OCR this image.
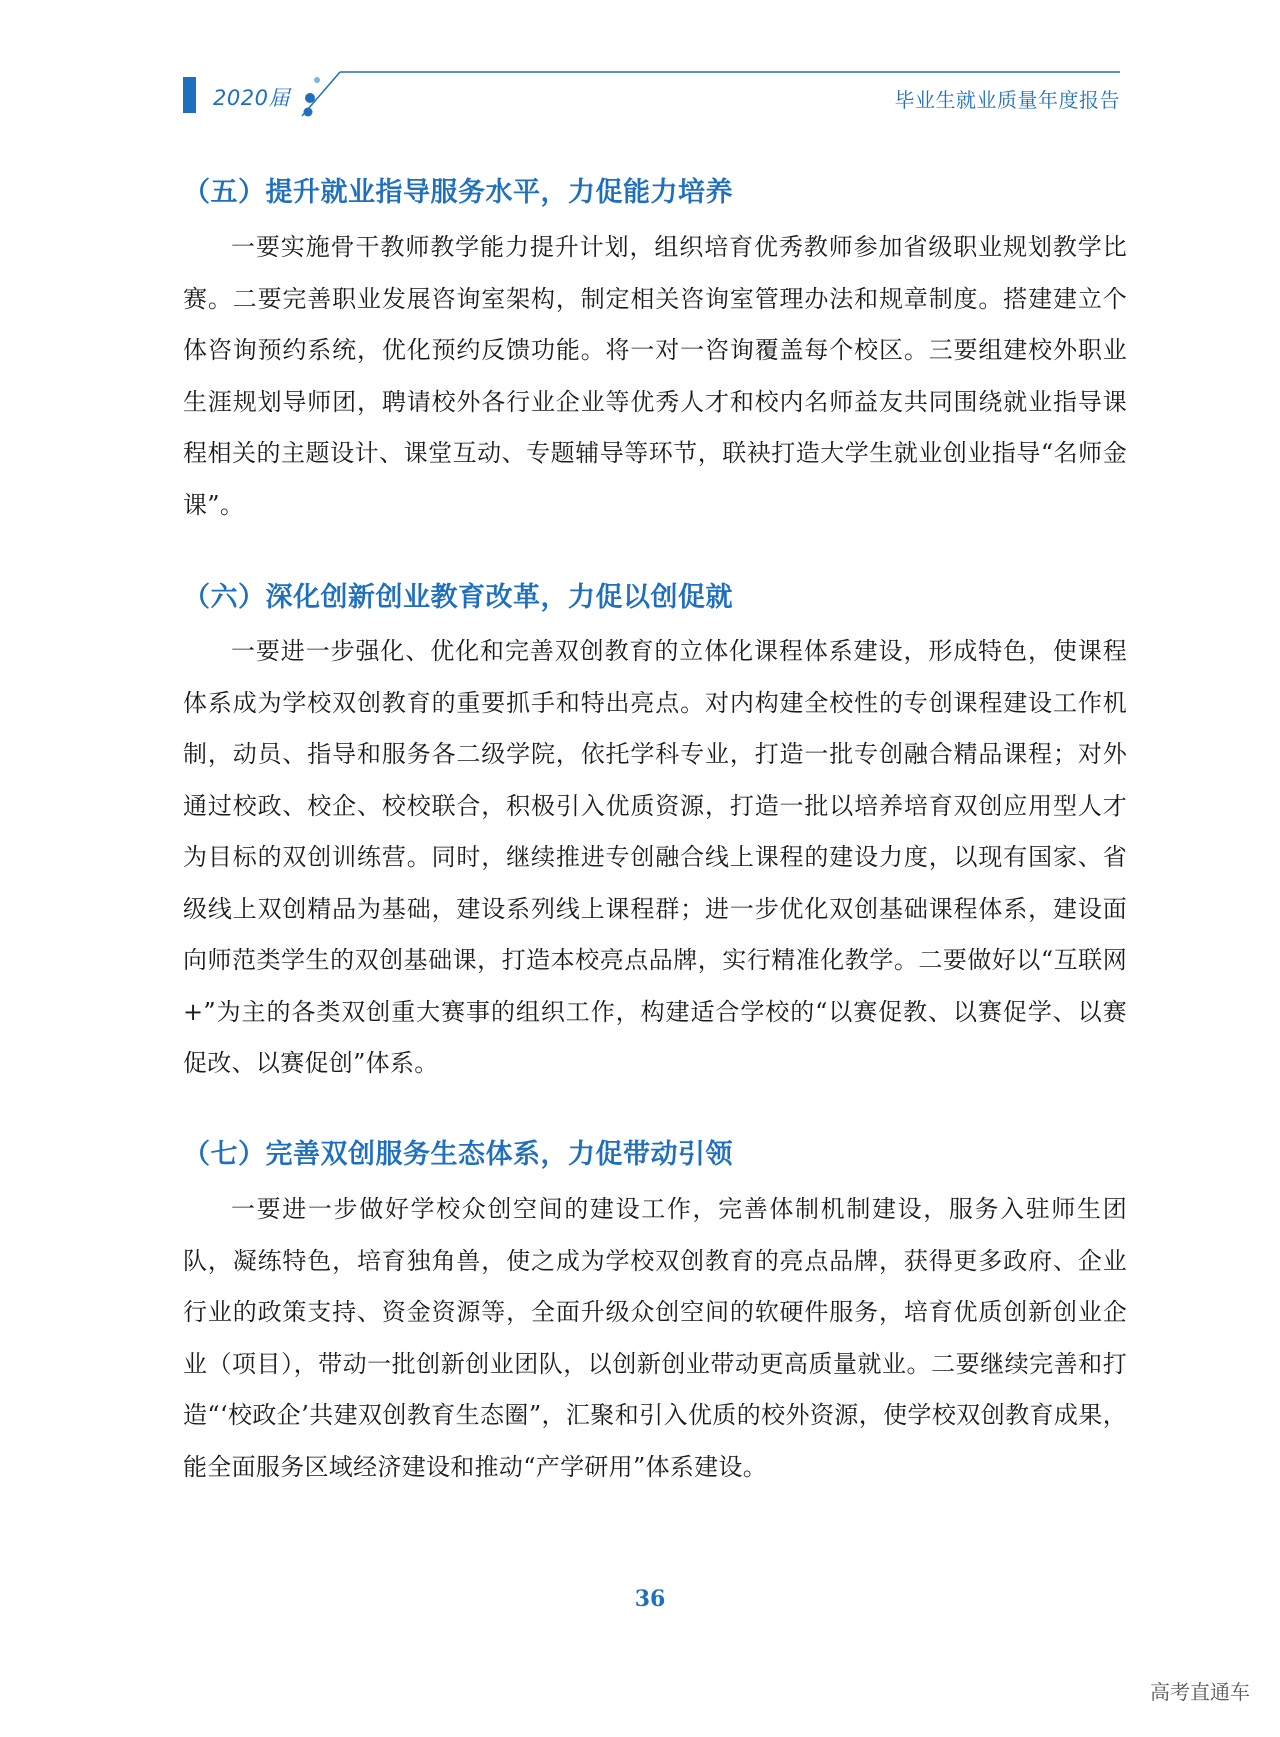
2020届	毕业生就业质量年度报告
（五）提升就业指导服务水平，力促能力培养
一要实施骨干教师教学能力提升计划，组织培育优秀教师参加省级职业规划教学比赛。二要完善职业发展咨询室架构，制定相关咨询室管理办法和规章制度。搭建建立个体咨询预约系统，优化预约反馈功能。将一对一咨询覆盖每个校区。三要组建校外职业生涯规划导师团，聘请校外各行业企业等优秀人才和校内名师益友共同围绕就业指导课程相关的主题设计、课堂互动、专题辅导等环节，联袂打造大学生就业创业指导“名师金课”。
（六）深化创新创业教育改革，力促以创促就
一要进一步强化、优化和完善双创教育的立体化课程体系建设，形成特色，使课程体系成为学校双创教育的重要抓手和特出亮点。对内构建全校性的专创课程建设工作机制，动员、指导和服务各二级学院，依托学科专业，打造一批专创融合精品课程；对外通过校政、校企、校校联合，积极引入优质资源，打造一批以培养培育双创应用型人才为目标的双创训练营。同时，继续推进专创融合线上课程的建设力度，以现有国家、省级线上双创精品为基础，建设系列线上课程群；进一步优化双创基础课程体系，建设面向师范类学生的双创基础课，打造本校亮点品牌，实行精准化教学。二要做好以“互联网+”为主的各类双创重大赛事的组织工作，构建适合学校的“以赛促教、以赛促学、以赛促改、以赛促创”体系。
（七）完善双创服务生态体系，力促带动引领
一要进一步做好学校众创空间的建设工作，完善体制机制建设，服务入驻师生团队，凝练特色，培育独角兽，使之成为学校双创教育的亮点品牌，获得更多政府、企业行业的政策支持、资金资源等，全面升级众创空间的软硬件服务，培育优质创新创业企业（项目），带动一批创新创业团队，以创新创业带动更高质量就业。二要继续完善和打造“‘校政企’共建双创教育生态圈”，汇聚和引入优质的校外资源，使学校双创教育成果，能全面服务区域经济建设和推动“产学研用”体系建设。
36
高考直通车
